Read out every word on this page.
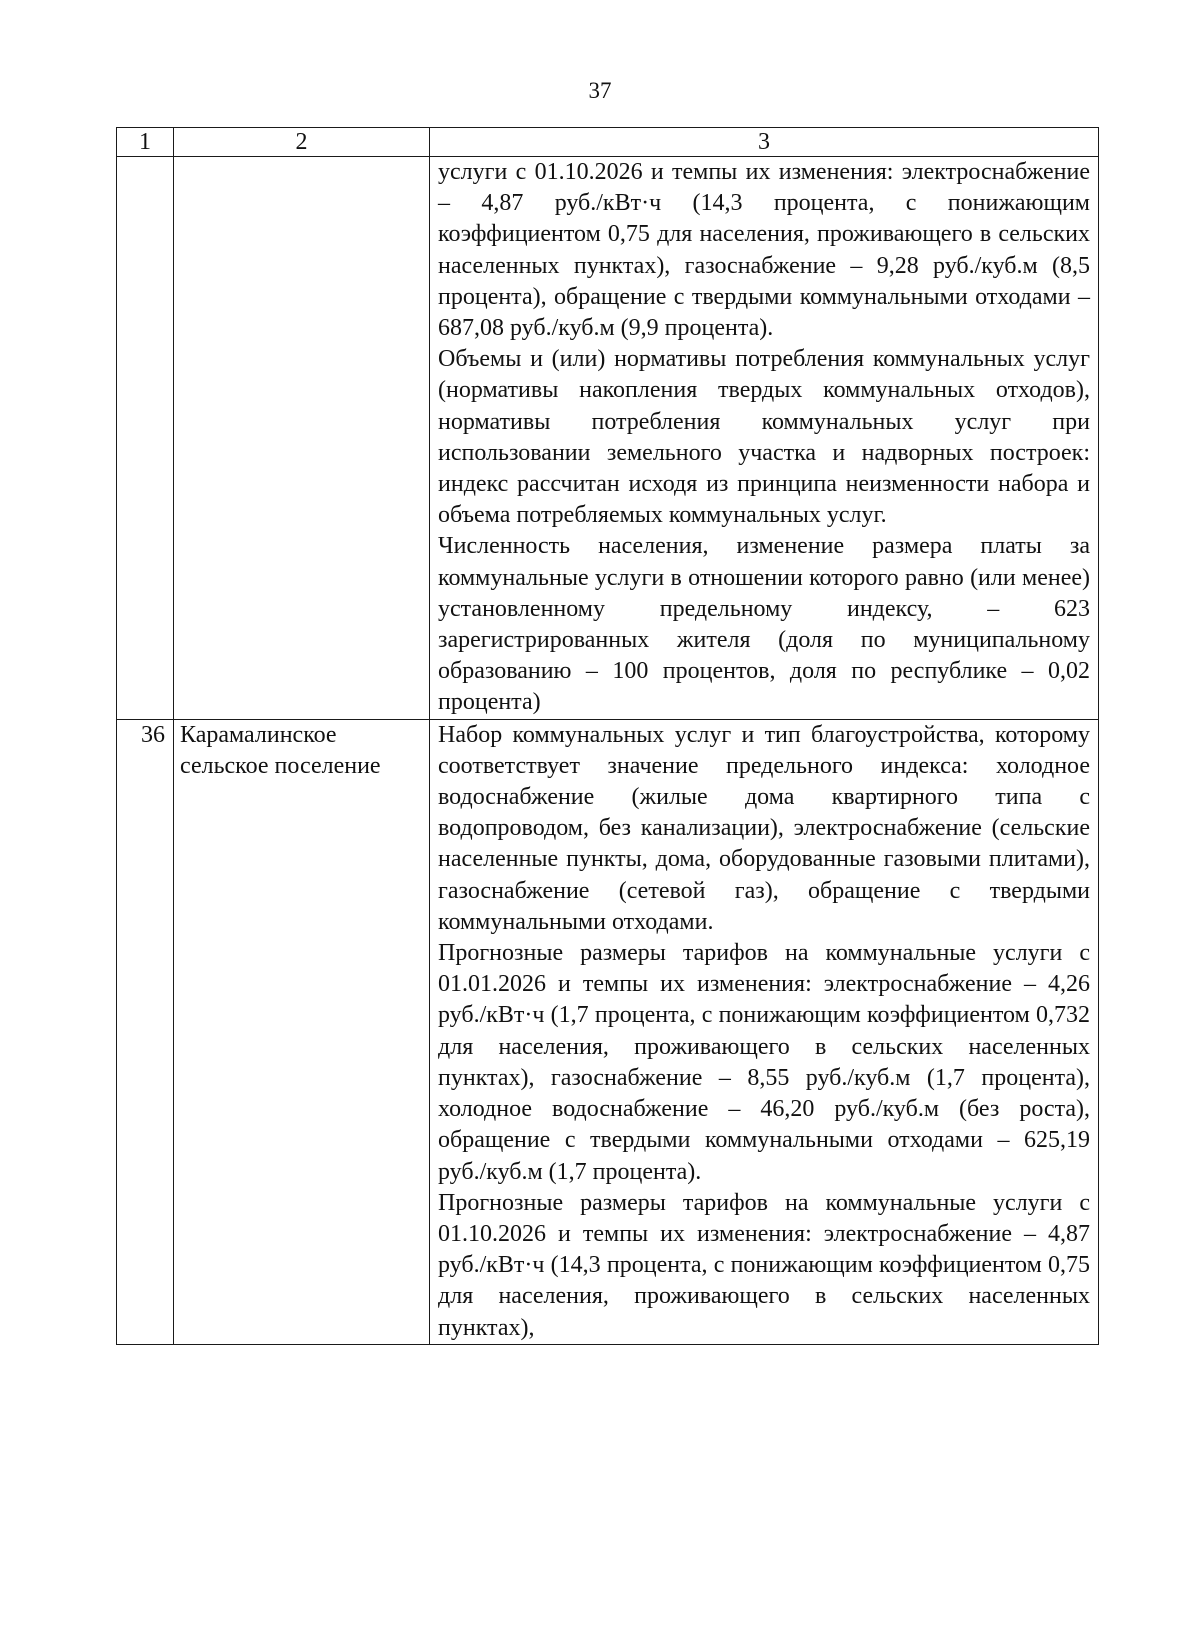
37
1	2	3

		услуги с 01.10.2026 и темпы их изменения: электроснабжение – 4,87 руб./кВт·ч (14,3 процента, с понижающим коэффициентом 0,75 для населения, проживающего в сельских населенных пунктах), газоснабжение – 9,28 руб./куб.м (8,5 процента), обращение с твердыми коммунальными отходами – 687,08 руб./куб.м (9,9 процента).

Объемы и (или) нормативы потребления коммунальных услуг (нормативы накопления твердых коммунальных отходов), нормативы потребления коммунальных услуг при использовании земельного участка и надворных построек: индекс рассчитан исходя из принципа неизменности набора и объема потребляемых коммунальных услуг.

Численность населения, изменение размера платы за коммунальные услуги в отношении которого равно (или менее) установленному предельному индексу, – 623 зарегистрированных жителя (доля по муниципальному образованию – 100 процентов, доля по республике – 0,02 процента)

36	Карамалинское сельское поселение	Набор коммунальных услуг и тип благоустройства, которому соответствует значение предельного индекса: холодное водоснабжение (жилые дома квартирного типа с водопроводом, без канализации), электроснабжение (сельские населенные пункты, дома, оборудованные газовыми плитами), газоснабжение (сетевой газ), обращение с твердыми коммунальными отходами.

Прогнозные размеры тарифов на коммунальные услуги с 01.01.2026 и темпы их изменения: электроснабжение – 4,26 руб./кВт·ч (1,7 процента, с понижающим коэффициентом 0,732 для населения, проживающего в сельских населенных пунктах), газоснабжение – 8,55 руб./куб.м (1,7 процента), холодное водоснабжение – 46,20 руб./куб.м (без роста), обращение с твердыми коммунальными отходами – 625,19 руб./куб.м (1,7 процента).

Прогнозные размеры тарифов на коммунальные услуги с 01.10.2026 и темпы их изменения: электроснабжение – 4,87 руб./кВт·ч (14,3 процента, с понижающим коэффициентом 0,75 для населения, проживающего в сельских населенных пунктах),
